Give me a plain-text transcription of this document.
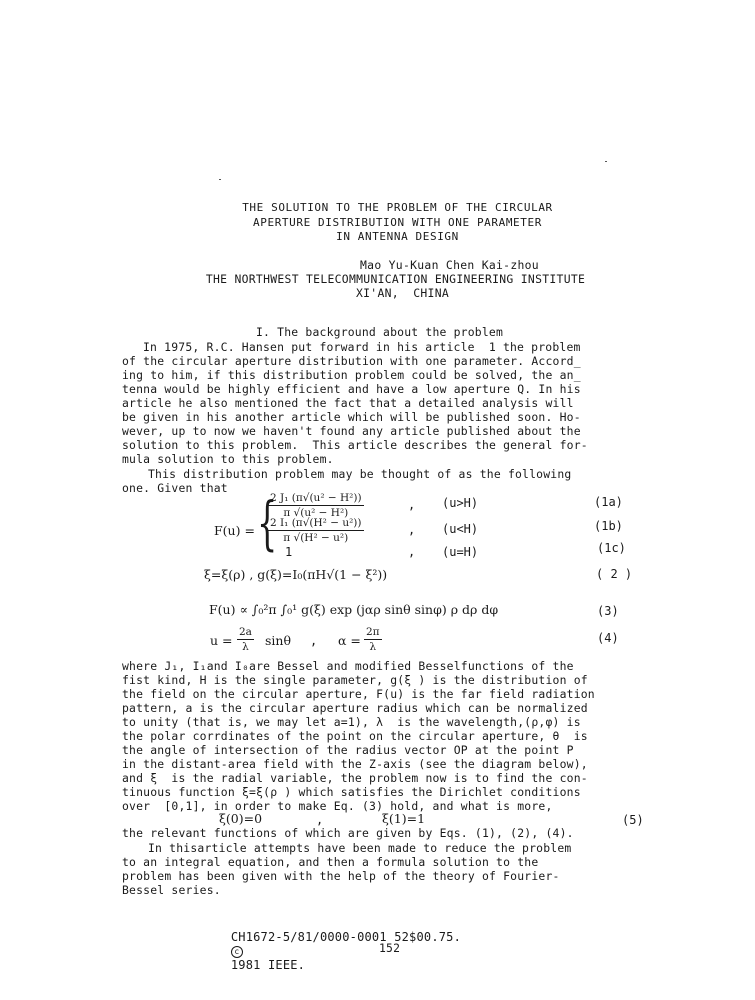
THE SOLUTION TO THE PROBLEM OF THE CIRCULAR
APERTURE DISTRIBUTION WITH ONE PARAMETER
IN ANTENNA DESIGN
Mao Yu-Kuan Chen Kai-zhou
THE NORTHWEST TELECOMMUNICATION ENGINEERING INSTITUTE
XI'AN,  CHINA
I. The background about the problem
In 1975, R.C. Hansen put forward in his article  1 the problem
of the circular aperture distribution with one parameter. Accord_
ing to him, if this distribution problem could be solved, the an_
tenna would be highly efficient and have a low aperture Q. In his
article he also mentioned the fact that a detailed analysis will
be given in his another article which will be published soon. Ho-
wever, up to now we haven't found any article published about the
solution to this problem.  This article describes the general for-
mula solution to this problem.
This distribution problem may be thought of as the following
one. Given that
F(u) = {
$\frac{\text{2 J₁ (π√(u² − H²))}}{\text{π √(u² − H²)}}$	, (u>H)	(1a)
$\frac{\text{2 I₁ (π√(H² − u²))}}{\text{π √(H² − u²)}}$	, (u<H)	(1b)
1	, (u=H)	(1c)
ξ=ξ(ρ) , g(ξ)=I₀(πH√(1 − ξ²))	( 2 )
F(u) ∝ ∫₀²π ∫₀¹ g(ξ) exp (jαρ sinθ sinφ) ρ dρ dφ	(3)
$u = \frac{2a}{\lambda}$ sinθ , $\alpha = \frac{2\pi}{\lambda}$	(4)
where J₁, I₁and I₀are Bessel and modified Besselfunctions of the
fist kind, H is the single parameter, g(ξ ) is the distribution of
the field on the circular aperture, F(u) is the far field radiation
pattern, a is the circular aperture radius which can be normalized
to unity (that is, we may let a=1), λ  is the wavelength,(ρ,φ) is
the polar corrdinates of the point on the circular aperture, θ  is
the angle of intersection of the radius vector OP at the point P
in the distant-area field with the Z-axis (see the diagram below),
and ξ  is the radial variable, the problem now is to find the con-
tinuous function ξ=ξ(ρ ) which satisfies the Dirichlet conditions
over  [0,1], in order to make Eq. (3) hold, and what is more,
ξ(0)=0	,	ξ(1)=1	(5)
the relevant functions of which are given by Eqs. (1), (2), (4).
In thisarticle attempts have been made to reduce the problem
to an integral equation, and then a formula solution to the
problem has been given with the help of the theory of Fourier-
Bessel series.

CH1672-5/81/0000-0001 52$00.75.
c
1981 IEEE.

152
